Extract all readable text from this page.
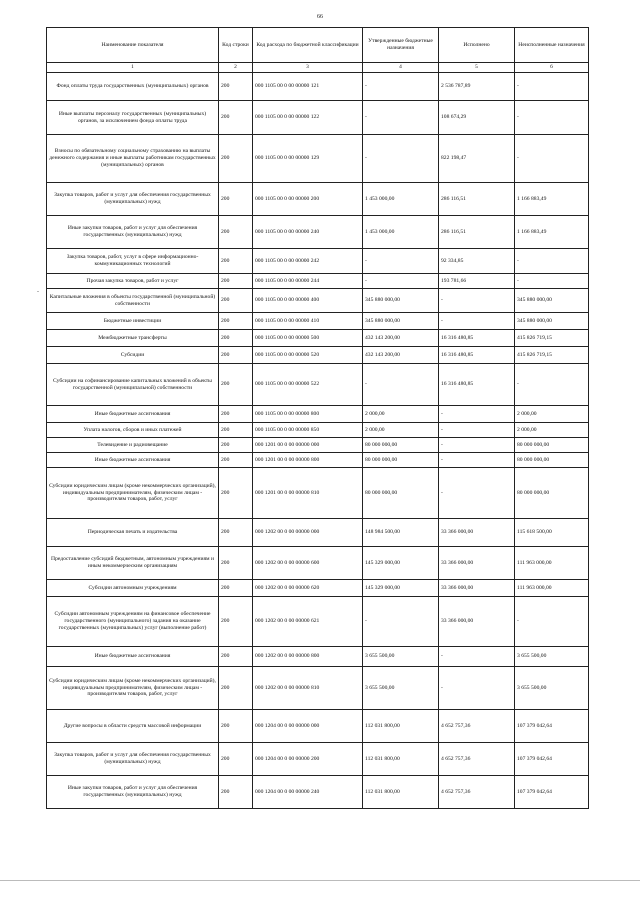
66
-
Наименование показателя	Код строки	Код расхода по бюджетной классификации	Утвержденные бюджетные назначения	Исполнено	Неисполненные назначения
1	2	3	4	5	6
Фонд оплаты труда государственных (муниципальных) органов	200	000 1105 00 0 00 00000 121	-	2 536 787,89	-
Иные выплаты персоналу государственных (муниципальных) органов, за исключением фонда оплаты труда	200	000 1105 00 0 00 00000 122	-	108 674,29	-
Взносы по обязательному социальному страхованию на выплаты денежного содержания и иные выплаты работникам государственных (муниципальных) органов	200	000 1105 00 0 00 00000 129	-	822 198,47	-
Закупка товаров, работ и услуг для обеспечения государственных (муниципальных) нужд	200	000 1105 00 0 00 00000 200	1 453 000,00	286 116,51	1 166 883,49
Иные закупки товаров, работ и услуг для обеспечения государственных (муниципальных) нужд	200	000 1105 00 0 00 00000 240	1 453 000,00	286 116,51	1 166 883,49
Закупка товаров, работ, услуг в сфере информационно-коммуникационных технологий	200	000 1105 00 0 00 00000 242	-	92 334,85	-
Прочая закупка товаров, работ и услуг	200	000 1105 00 0 00 00000 244	-	193 781,66	-
Капитальные вложения в объекты государственной (муниципальной) собственности	200	000 1105 00 0 00 00000 400	345 880 000,00	-	345 880 000,00
Бюджетные инвестиции	200	000 1105 00 0 00 00000 410	345 880 000,00	-	345 880 000,00
Межбюджетные трансферты	200	000 1105 00 0 00 00000 500	432 143 200,00	16 316 480,85	415 826 719,15
Субсидии	200	000 1105 00 0 00 00000 520	432 143 200,00	16 316 480,85	415 826 719,15
Субсидии на софинансирование капитальных вложений в объекты государственной (муниципальной) собственности	200	000 1105 00 0 00 00000 522	-	16 316 480,85	-
Иные бюджетные ассигнования	200	000 1105 00 0 00 00000 800	2 000,00	-	2 000,00
Уплата налогов, сборов и иных платежей	200	000 1105 00 0 00 00000 850	2 000,00	-	2 000,00
Телевидение и радиовещание	200	000 1201 00 0 00 00000 000	80 000 000,00	-	80 000 000,00
Иные бюджетные ассигнования	200	000 1201 00 0 00 00000 800	80 000 000,00	-	80 000 000,00
Субсидии юридическим лицам (кроме некоммерческих организаций), индивидуальным предпринимателям, физическим лицам - производителям товаров, работ, услуг	200	000 1201 00 0 00 00000 810	80 000 000,00	-	80 000 000,00
Периодическая печать и издательства	200	000 1202 00 0 00 00000 000	148 984 500,00	33 366 000,00	115 618 500,00
Предоставление субсидий бюджетным, автономным учреждениям и иным некоммерческим организациям	200	000 1202 00 0 00 00000 600	145 329 000,00	33 366 000,00	111 963 000,00
Субсидии автономным учреждениям	200	000 1202 00 0 00 00000 620	145 329 000,00	33 366 000,00	111 963 000,00
Субсидии автономным учреждениям на финансовое обеспечение государственного (муниципального) задания на оказание государственных (муниципальных) услуг (выполнение работ)	200	000 1202 00 0 00 00000 621	-	33 366 000,00	-
Иные бюджетные ассигнования	200	000 1202 00 0 00 00000 800	3 655 500,00	-	3 655 500,00
Субсидии юридическим лицам (кроме некоммерческих организаций), индивидуальным предпринимателям, физическим лицам - производителям товаров, работ, услуг	200	000 1202 00 0 00 00000 810	3 655 500,00	-	3 655 500,00
Другие вопросы в области средств массовой информации	200	000 1204 00 0 00 00000 000	112 031 800,00	4 652 757,36	107 379 042,64
Закупка товаров, работ и услуг для обеспечения государственных (муниципальных) нужд	200	000 1204 00 0 00 00000 200	112 031 800,00	4 652 757,36	107 379 042,64
Иные закупки товаров, работ и услуг для обеспечения государственных (муниципальных) нужд	200	000 1204 00 0 00 00000 240	112 031 800,00	4 652 757,36	107 379 042,64
